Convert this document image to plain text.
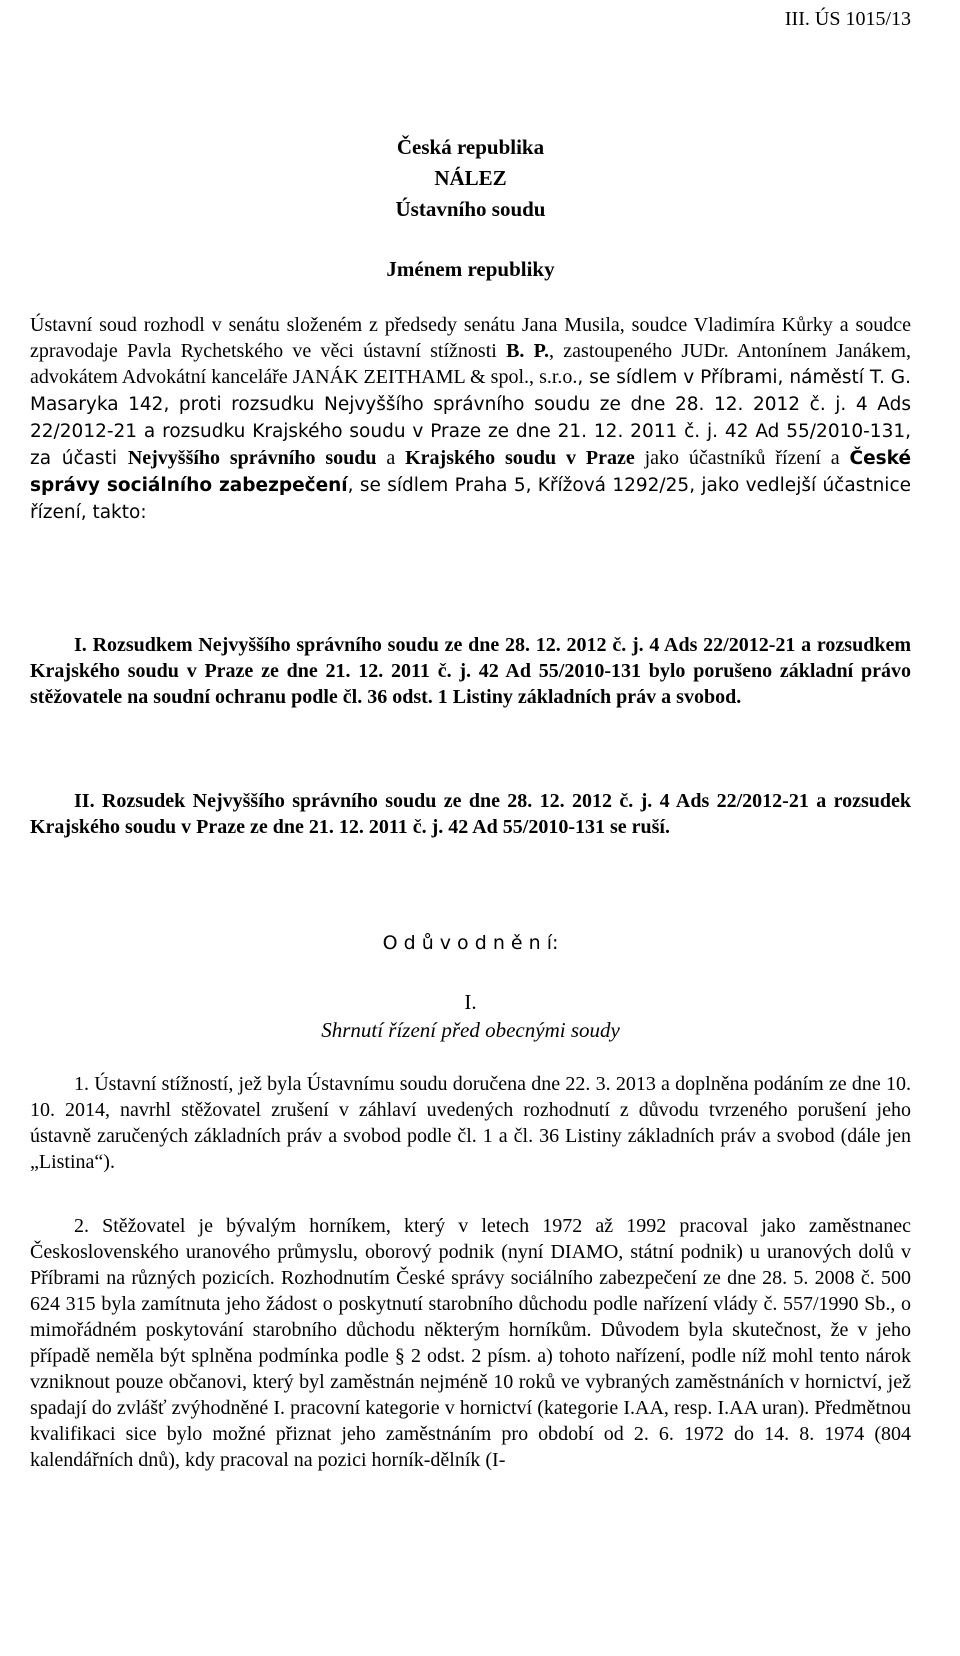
III. ÚS 1015/13
Česká republika
NÁLEZ
Ústavního soudu
Jménem republiky
Ústavní soud rozhodl v senátu složeném z předsedy senátu Jana Musila, soudce Vladimíra Kůrky a soudce zpravodaje Pavla Rychetského ve věci ústavní stížnosti B. P., zastoupeného JUDr. Antonínem Janákem, advokátem Advokátní kanceláře JANÁK ZEITHAML & spol., s.r.o., se sídlem v Příbrami, náměstí T. G. Masaryka 142, proti rozsudku Nejvyššího správního soudu ze dne 28. 12. 2012 č. j. 4 Ads 22/2012-21 a rozsudku Krajského soudu v Praze ze dne 21. 12. 2011 č. j. 42 Ad 55/2010-131, za účasti Nejvyššího správního soudu a Krajského soudu v Praze jako účastníků řízení a České správy sociálního zabezpečení, se sídlem Praha 5, Křížová 1292/25, jako vedlejší účastnice řízení, takto:
I. Rozsudkem Nejvyššího správního soudu ze dne 28. 12. 2012 č. j. 4 Ads 22/2012-21 a rozsudkem Krajského soudu v Praze ze dne 21. 12. 2011 č. j. 42 Ad 55/2010-131 bylo porušeno základní právo stěžovatele na soudní ochranu podle čl. 36 odst. 1 Listiny základních práv a svobod.
II. Rozsudek Nejvyššího správního soudu ze dne 28. 12. 2012 č. j. 4 Ads 22/2012-21 a rozsudek Krajského soudu v Praze ze dne 21. 12. 2011 č. j. 42 Ad 55/2010-131 se ruší.
O d ů v o d n ě n í:
I.
Shrnutí řízení před obecnými soudy
1. Ústavní stížností, jež byla Ústavnímu soudu doručena dne 22. 3. 2013 a doplněna podáním ze dne 10. 10. 2014, navrhl stěžovatel zrušení v záhlaví uvedených rozhodnutí z důvodu tvrzeného porušení jeho ústavně zaručených základních práv a svobod podle čl. 1 a čl. 36 Listiny základních práv a svobod (dále jen „Listina“).
2. Stěžovatel je bývalým horníkem, který v letech 1972 až 1992 pracoval jako zaměstnanec Československého uranového průmyslu, oborový podnik (nyní DIAMO, státní podnik) u uranových dolů v Příbrami na různých pozicích. Rozhodnutím České správy sociálního zabezpečení ze dne 28. 5. 2008 č. 500 624 315 byla zamítnuta jeho žádost o poskytnutí starobního důchodu podle nařízení vlády č. 557/1990 Sb., o mimořádném poskytování starobního důchodu některým horníkům. Důvodem byla skutečnost, že v jeho případě neměla být splněna podmínka podle § 2 odst. 2 písm. a) tohoto nařízení, podle níž mohl tento nárok vzniknout pouze občanovi, který byl zaměstnán nejméně 10 roků ve vybraných zaměstnáních v hornictví, jež spadají do zvlášť zvýhodněné I. pracovní kategorie v hornictví (kategorie I.AA, resp. I.AA uran). Předmětnou kvalifikaci sice bylo možné přiznat jeho zaměstnáním pro období od 2. 6. 1972 do 14. 8. 1974 (804 kalendářních dnů), kdy pracoval na pozici horník-dělník (I-
